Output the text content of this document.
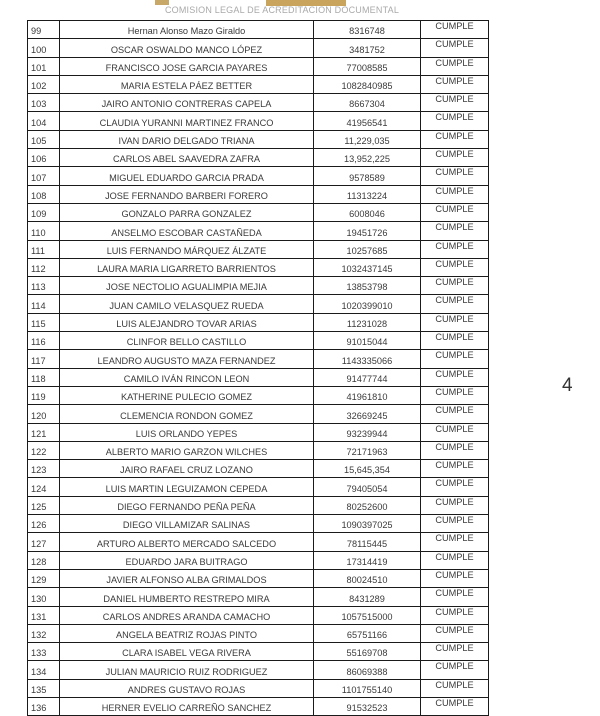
COMISION LEGAL DE ACREDITACION DOCUMENTAL
99	Hernan Alonso Mazo Giraldo	8316748	CUMPLE
100	OSCAR OSWALDO MANCO LÓPEZ	3481752	CUMPLE
101	FRANCISCO JOSE GARCIA PAYARES	77008585	CUMPLE
102	MARIA ESTELA PÁEZ BETTER	1082840985	CUMPLE
103	JAIRO ANTONIO CONTRERAS CAPELA	8667304	CUMPLE
104	CLAUDIA YURANNI MARTINEZ FRANCO	41956541	CUMPLE
105	IVAN DARIO DELGADO TRIANA	11,229,035	CUMPLE
106	CARLOS ABEL SAAVEDRA ZAFRA	13,952,225	CUMPLE
107	MIGUEL EDUARDO GARCIA PRADA	9578589	CUMPLE
108	JOSE FERNANDO BARBERI FORERO	11313224	CUMPLE
109	GONZALO PARRA GONZALEZ	6008046	CUMPLE
110	ANSELMO ESCOBAR CASTAÑEDA	19451726	CUMPLE
111	LUIS FERNANDO MÁRQUEZ ÁLZATE	10257685	CUMPLE
112	LAURA MARIA LIGARRETO BARRIENTOS	1032437145	CUMPLE
113	JOSE NECTOLIO AGUALIMPIA MEJIA	13853798	CUMPLE
114	JUAN CAMILO VELASQUEZ RUEDA	1020399010	CUMPLE
115	LUIS ALEJANDRO TOVAR ARIAS	11231028	CUMPLE
116	CLINFOR BELLO CASTILLO	91015044	CUMPLE
117	LEANDRO AUGUSTO MAZA FERNANDEZ	1143335066	CUMPLE
118	CAMILO IVÁN RINCON LEON	91477744	CUMPLE
119	KATHERINE PULECIO GOMEZ	41961810	CUMPLE
120	CLEMENCIA RONDON GOMEZ	32669245	CUMPLE
121	LUIS ORLANDO YEPES	93239944	CUMPLE
122	ALBERTO MARIO GARZON WILCHES	72171963	CUMPLE
123	JAIRO RAFAEL CRUZ LOZANO	15,645,354	CUMPLE
124	LUIS MARTIN LEGUIZAMON CEPEDA	79405054	CUMPLE
125	DIEGO FERNANDO PEÑA PEÑA	80252600	CUMPLE
126	DIEGO VILLAMIZAR SALINAS	1090397025	CUMPLE
127	ARTURO ALBERTO MERCADO SALCEDO	78115445	CUMPLE
128	EDUARDO JARA BUITRAGO	17314419	CUMPLE
129	JAVIER ALFONSO ALBA GRIMALDOS	80024510	CUMPLE
130	DANIEL HUMBERTO RESTREPO MIRA	8431289	CUMPLE
131	CARLOS ANDRES ARANDA CAMACHO	1057515000	CUMPLE
132	ANGELA BEATRIZ ROJAS PINTO	65751166	CUMPLE
133	CLARA ISABEL VEGA RIVERA	55169708	CUMPLE
134	JULIAN MAURICIO RUIZ RODRIGUEZ	86069388	CUMPLE
135	ANDRES GUSTAVO ROJAS	1101755140	CUMPLE
136	HERNER EVELIO CARREÑO SANCHEZ	91532523	CUMPLE
4
